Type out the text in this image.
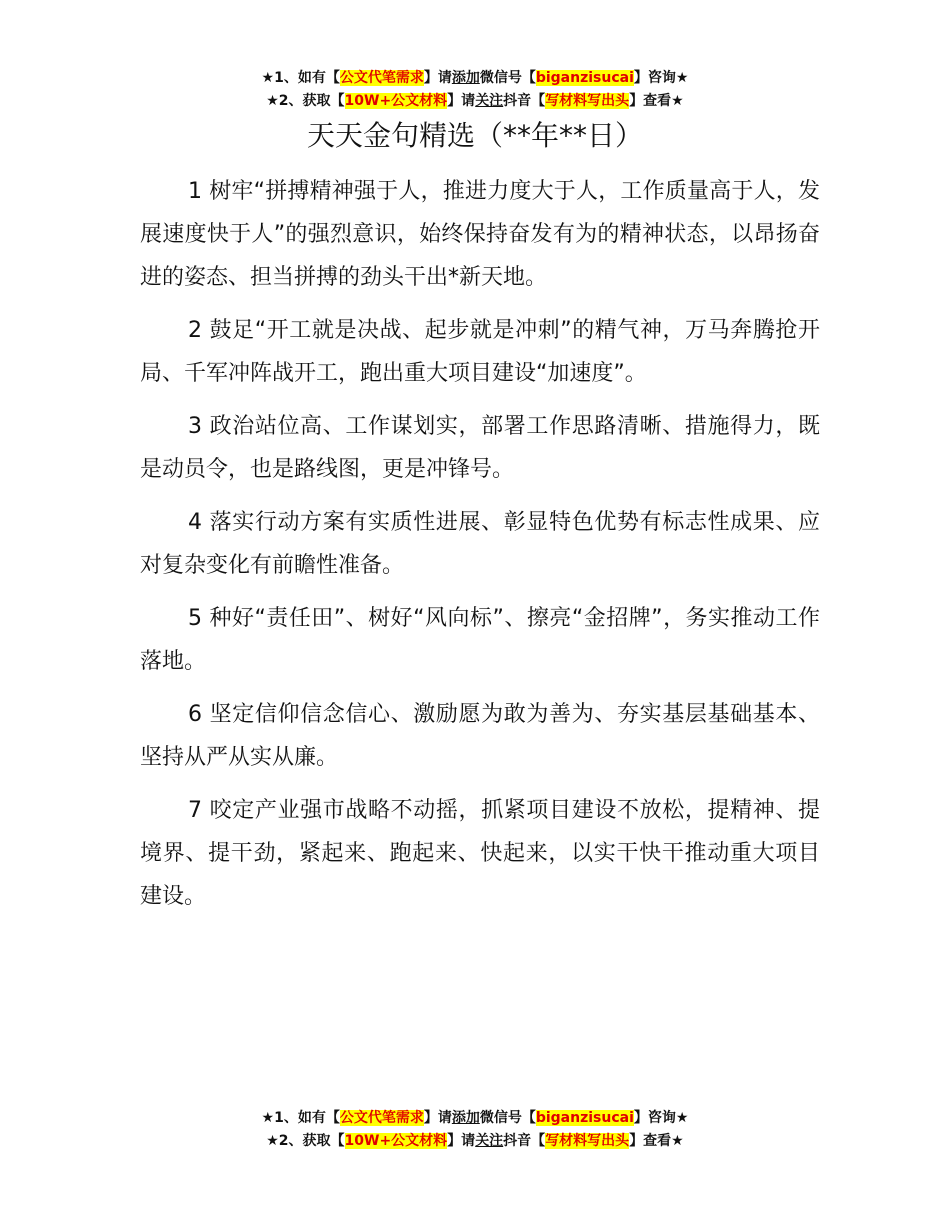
★1、如有【公文代笔需求】请添加微信号【biganzisucai】咨询★
★2、获取【10W+公文材料】请关注抖音【写材料写出头】查看★
天天金句精选（**年**日）

1 树牢“拼搏精神强于人，推进力度大于人，工作质量高于人，发展速度快于人”的强烈意识，始终保持奋发有为的精神状态，以昂扬奋进的姿态、担当拼搏的劲头干出*新天地。

2 鼓足“开工就是决战、起步就是冲刺”的精气神，万马奔腾抢开局、千军冲阵战开工，跑出重大项目建设“加速度”。

3 政治站位高、工作谋划实，部署工作思路清晰、措施得力，既是动员令，也是路线图，更是冲锋号。

4 落实行动方案有实质性进展、彰显特色优势有标志性成果、应对复杂变化有前瞻性准备。

5 种好“责任田”、树好“风向标”、擦亮“金招牌”，务实推动工作落地。

6 坚定信仰信念信心、激励愿为敢为善为、夯实基层基础基本、坚持从严从实从廉。

7 咬定产业强市战略不动摇，抓紧项目建设不放松，提精神、提境界、提干劲，紧起来、跑起来、快起来，以实干快干推动重大项目建设。

★1、如有【公文代笔需求】请添加微信号【biganzisucai】咨询★
★2、获取【10W+公文材料】请关注抖音【写材料写出头】查看★
